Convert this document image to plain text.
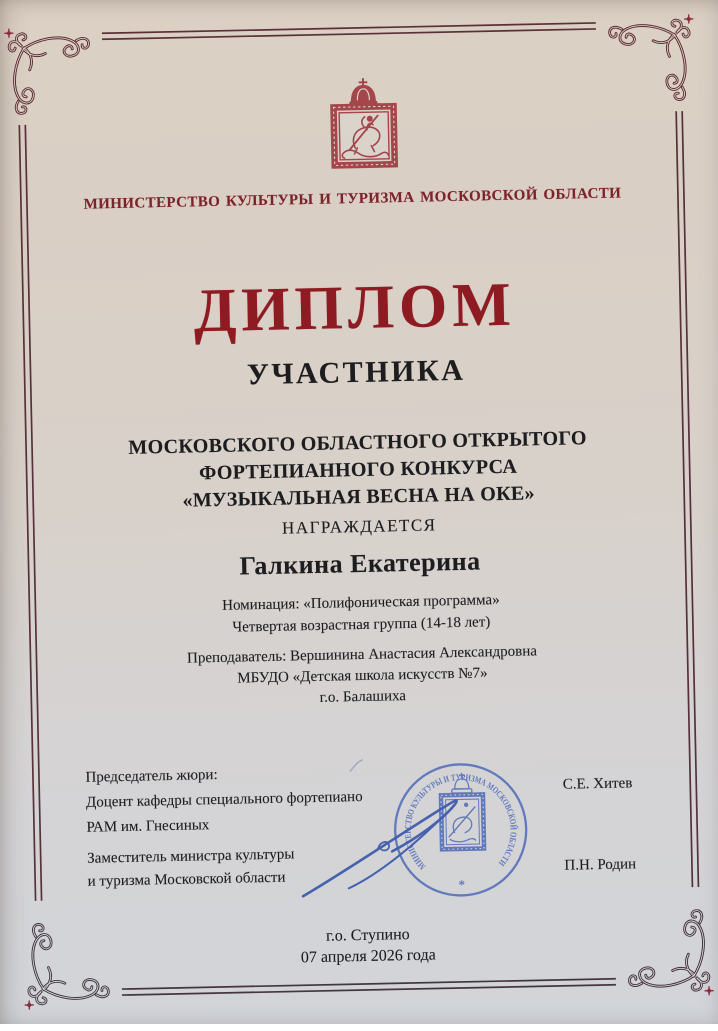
МИНИСТЕРСТВО КУЛЬТУРЫ И ТУРИЗМА МОСКОВСКОЙ ОБЛАСТИ
ДИПЛОМ
УЧАСТНИКА
МОСКОВСКОГО ОБЛАСТНОГО ОТКРЫТОГО
ФОРТЕПИАННОГО КОНКУРСА
«МУЗЫКАЛЬНАЯ ВЕСНА НА ОКЕ»
НАГРАЖДАЕТСЯ
Галкина Екатерина
Номинация: «Полифоническая программа»
Четвертая возрастная группа (14-18 лет)
Преподаватель: Вершинина Анастасия Александровна
МБУДО «Детская школа искусств №7»
г.о. Балашиха
Председатель жюри:
Доцент кафедры специального фортепиано
РАМ им. Гнесиных
С.Е. Хитев
Заместитель министра культуры
и туризма Московской области
П.Н. Родин
МИНИСТЕРСТВО КУЛЬТУРЫ И ТУРИЗМА МОСКОВСКОЙ ОБЛАСТИ
*
г.о. Ступино
07 апреля 2026 года
